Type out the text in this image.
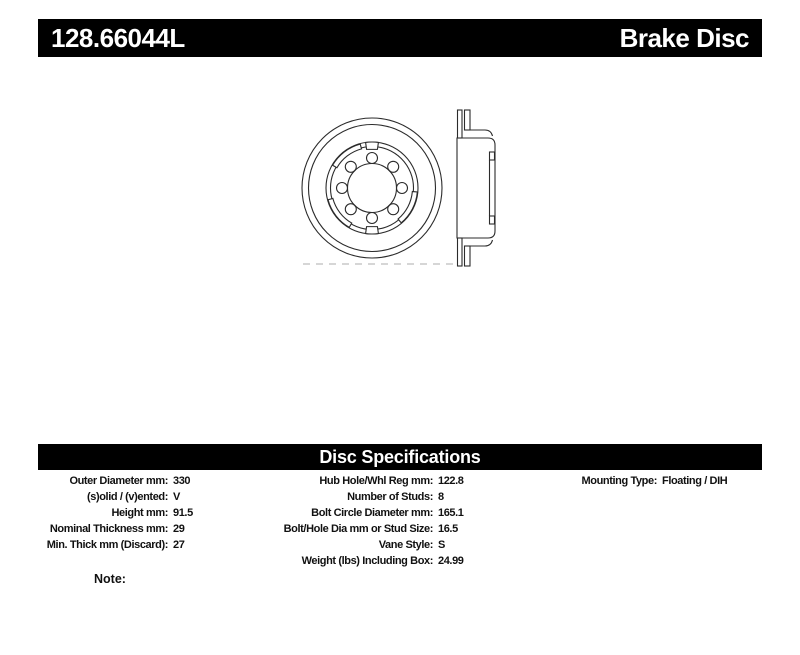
128.66044L	Brake Disc
Disc Specifications
Outer Diameter mm: 330
(s)olid / (v)ented: V
Height mm: 91.5
Nominal Thickness mm: 29
Min. Thick mm (Discard): 27
Hub Hole/Whl Reg mm: 122.8
Number of Studs: 8
Bolt Circle Diameter mm: 165.1
Bolt/Hole Dia mm or Stud Size: 16.5
Vane Style: S
Weight (lbs) Including Box: 24.99
Mounting Type: Floating / DIH
Note:
